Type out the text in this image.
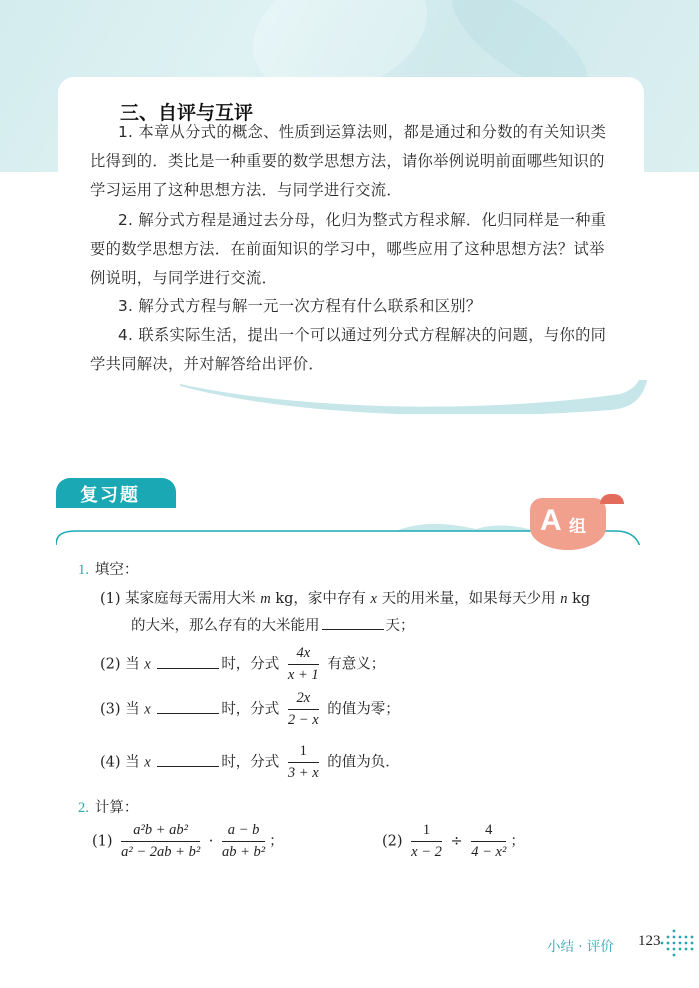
三、自评与互评
1. 本章从分式的概念、性质到运算法则，都是通过和分数的有关知识类比得到的．类比是一种重要的数学思想方法，请你举例说明前面哪些知识的学习运用了这种思想方法．与同学进行交流．
2. 解分式方程是通过去分母，化归为整式方程求解．化归同样是一种重要的数学思想方法．在前面知识的学习中，哪些应用了这种思想方法？试举例说明，与同学进行交流．
3. 解分式方程与解一元一次方程有什么联系和区别？
4. 联系实际生活，提出一个可以通过列分式方程解决的问题，与你的同学共同解决，并对解答给出评价．
复习题
A 组
1. 填空：
(1) 某家庭每天需用大米 m kg，家中存有 x 天的用米量，如果每天少用 n kg
的大米，那么存有的大米能用	天；
(2) 当 x	时，分式 $\frac{4x}{x + 1}$ 有意义；
(3) 当 x	时，分式 $\frac{2x}{2 - x}$ 的值为零；
(4) 当 x	时，分式 $\frac{1}{3 + x}$ 的值为负．
2. 计算：
$(1) \frac{\text{a²b + ab²}}{\text{a² − 2ab + b²}} \cdot \frac{a - b}{\text{ab + b²}}$ ；	$(2) \frac{1}{x - 2} \div \frac{4}{\text{4 − x²}}$ ；
小结 · 评价 123
